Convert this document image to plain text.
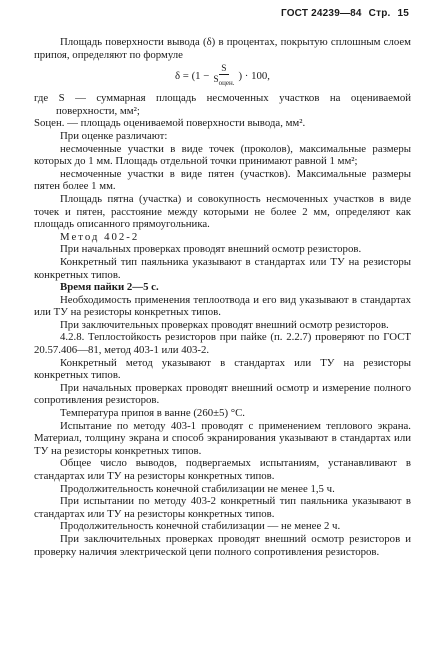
ГОСТ 24239—84 Стр. 15

Площадь поверхности вывода (δ) в процентах, покрытую сплошным слоем припоя, определяют по формуле

$\delta = (1 - \frac{S}{S_{оцен.}}$ ) · 100,

где S — суммарная площадь несмоченных участков на оцениваемой поверхности, мм²;

Sоцен. — площадь оцениваемой поверхности вывода, мм².

При оценке различают:

несмоченные участки в виде точек (проколов), максимальные размеры которых до 1 мм. Площадь отдельной точки принимают равной 1 мм²;

несмоченные участки в виде пятен (участков). Максимальные размеры пятен более 1 мм.

Площадь пятна (участка) и совокупность несмоченных участков в виде точек и пятен, расстояние между которыми не более 2 мм, определяют как площадь описанного прямоугольника.

Метод 402-2

При начальных проверках проводят внешний осмотр резисторов.

Конкретный тип паяльника указывают в стандартах или ТУ на резисторы конкретных типов.

Время пайки 2—5 с.

Необходимость применения теплоотвода и его вид указывают в стандартах или ТУ на резисторы конкретных типов.

При заключительных проверках проводят внешний осмотр резисторов.

4.2.8. Теплостойкость резисторов при пайке (п. 2.2.7) проверяют по ГОСТ 20.57.406—81, метод 403-1 или 403-2.

Конкретный метод указывают в стандартах или ТУ на резисторы конкретных типов.

При начальных проверках проводят внешний осмотр и измерение полного сопротивления резисторов.

Температура припоя в ванне (260±5) °С.

Испытание по методу 403-1 проводят с применением теплового экрана. Материал, толщину экрана и способ экранирования указывают в стандартах или ТУ на резисторы конкретных типов.

Общее число выводов, подвергаемых испытаниям, устанавливают в стандартах или ТУ на резисторы конкретных типов.

Продолжительность конечной стабилизации не менее 1,5 ч.

При испытании по методу 403-2 конкретный тип паяльника указывают в стандартах или ТУ на резисторы конкретных типов.

Продолжительность конечной стабилизации — не менее 2 ч.

При заключительных проверках проводят внешний осмотр резисторов и проверку наличия электрической цепи полного сопротивления резисторов.
